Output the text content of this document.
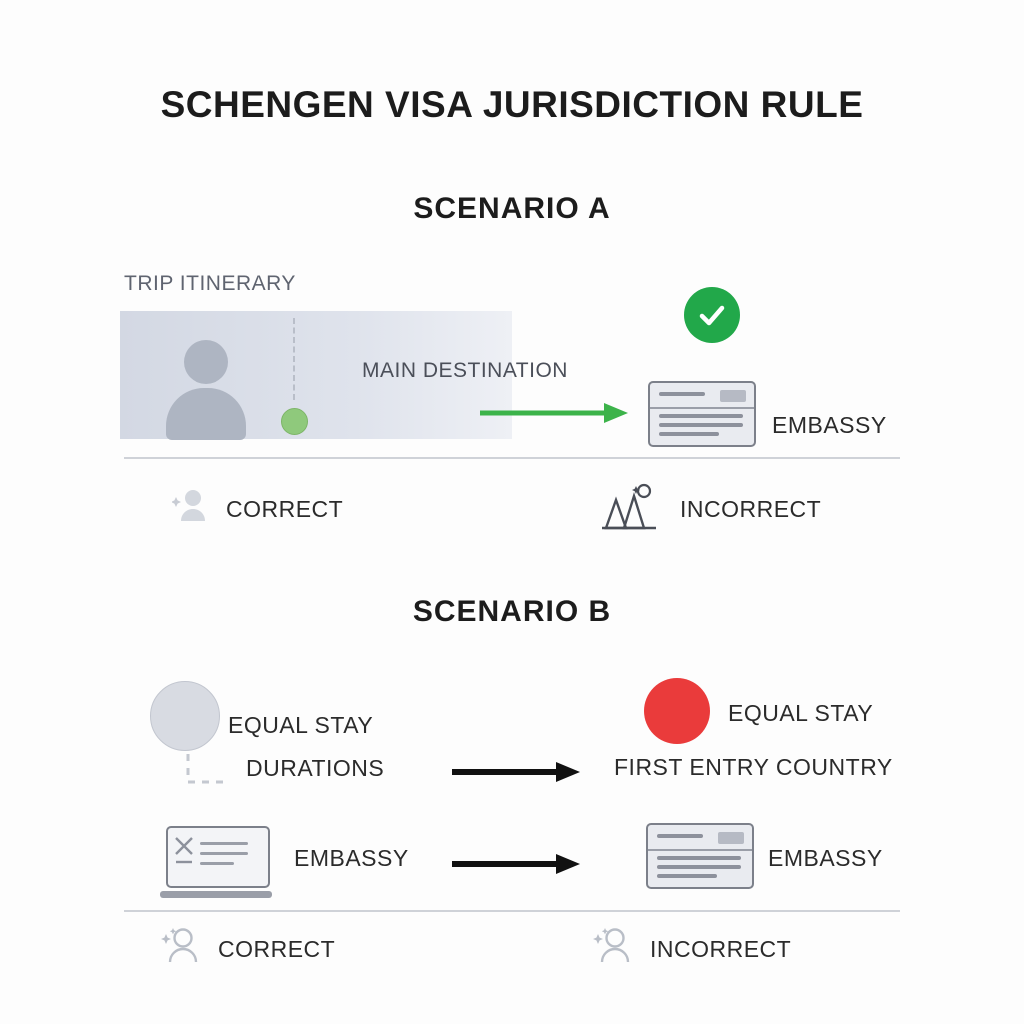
SCHENGEN VISA JURISDICTION RULE
SCENARIO A
TRIP ITINERARY
MAIN DESTINATION
EMBASSY
CORRECT	INCORRECT
SCENARIO B
EQUAL STAY
DURATIONS
EQUAL STAY
FIRST ENTRY COUNTRY
EMBASSY	EMBASSY
CORRECT	INCORRECT
